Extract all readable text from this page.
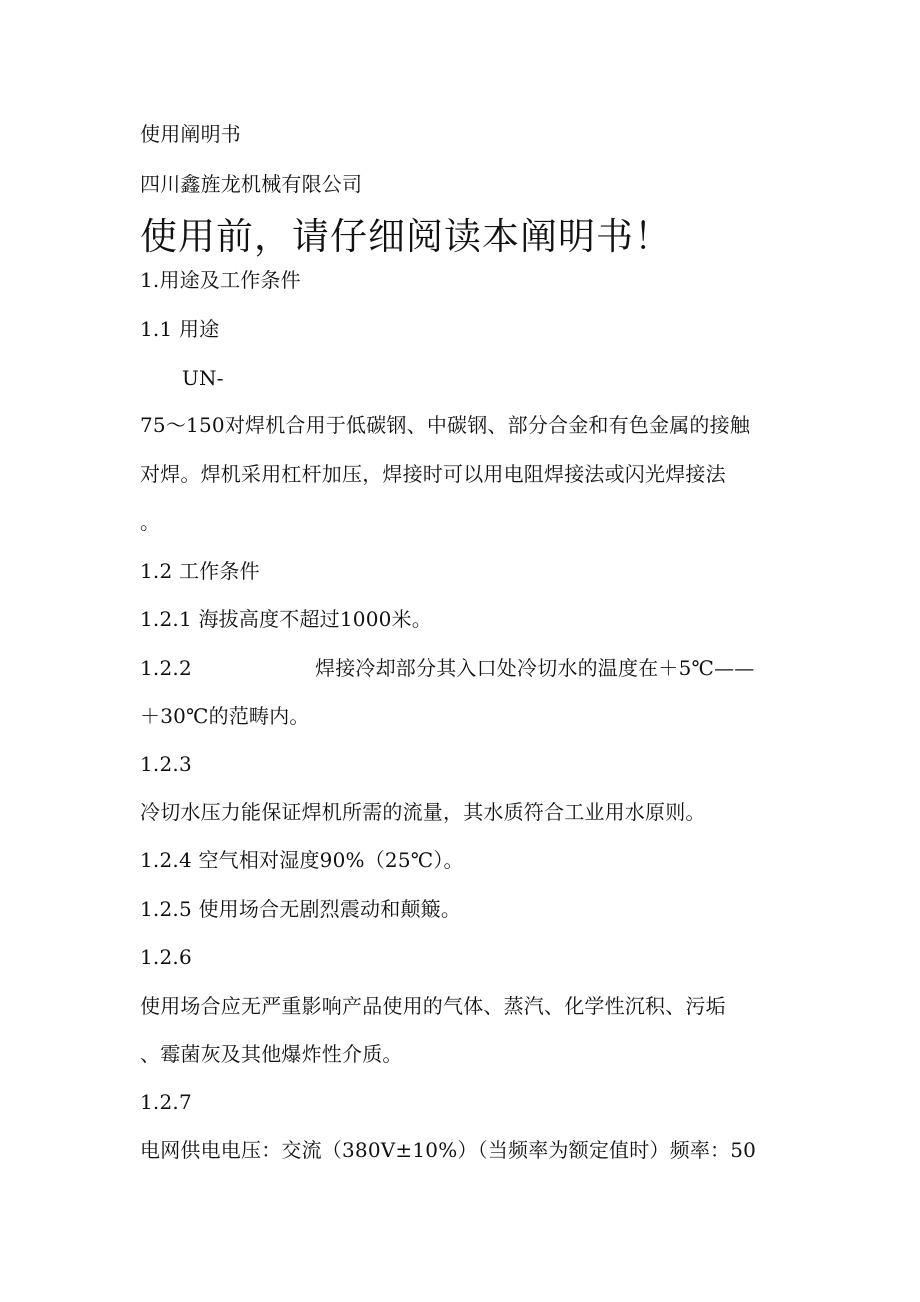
使用阐明书
四川鑫旌龙机械有限公司
使用前，请仔细阅读本阐明书！
1.用途及工作条件
1.1 用途
UN-
75～150对焊机合用于低碳钢、中碳钢、部分合金和有色金属的接触
对焊。焊机采用杠杆加压，焊接时可以用电阻焊接法或闪光焊接法
。
1.2 工作条件
1.2.1 海拔高度不超过1000米。
1.2.2	焊接冷却部分其入口处冷切水的温度在＋5℃——
＋30℃的范畴内。
1.2.3
冷切水压力能保证焊机所需的流量，其水质符合工业用水原则。
1.2.4 空气相对湿度90%（25℃）。
1.2.5 使用场合无剧烈震动和颠簸。
1.2.6
使用场合应无严重影响产品使用的气体、蒸汽、化学性沉积、污垢
、霉菌灰及其他爆炸性介质。
1.2.7
电网供电电压：交流（380V±10%）（当频率为额定值时）频率：50
